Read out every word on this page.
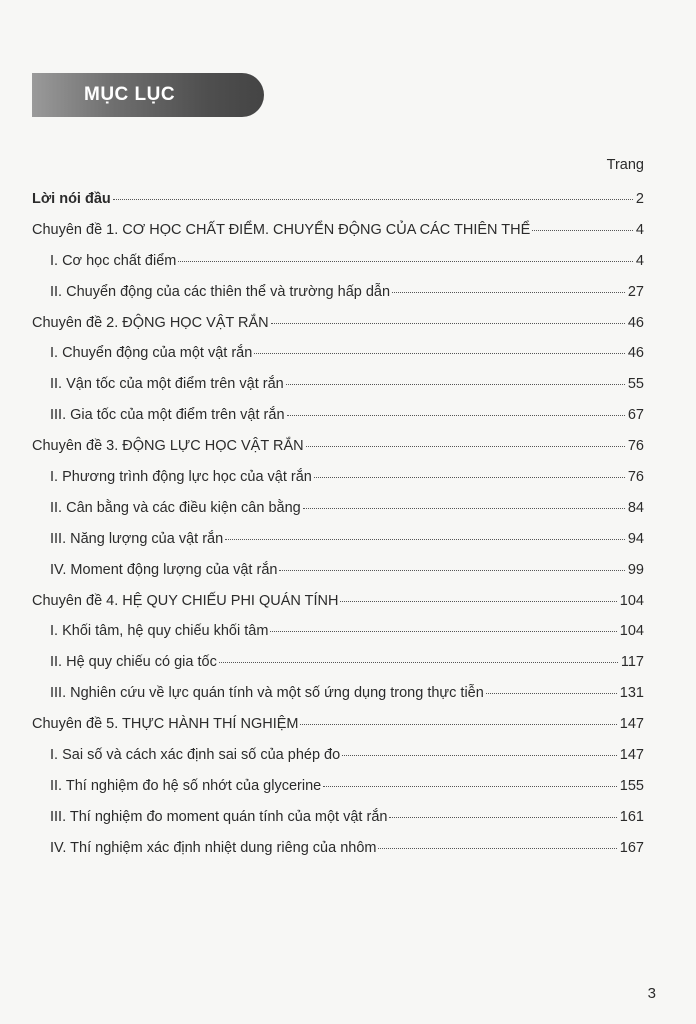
MỤC LỤC
Trang
Lời nói đầu	2
Chuyên đề 1. CƠ HỌC CHẤT ĐIỂM. CHUYỂN ĐỘNG CỦA CÁC THIÊN THỂ	4
I. Cơ học chất điểm	4
II. Chuyển động của các thiên thể và trường hấp dẫn	27
Chuyên đề 2. ĐỘNG HỌC VẬT RẮN	46
I. Chuyển động của một vật rắn	46
II. Vận tốc của một điểm trên vật rắn	55
III. Gia tốc của một điểm trên vật rắn	67
Chuyên đề 3. ĐỘNG LỰC HỌC VẬT RẮN	76
I. Phương trình động lực học của vật rắn	76
II. Cân bằng và các điều kiện cân bằng	84
III. Năng lượng của vật rắn	94
IV. Moment động lượng của vật rắn	99
Chuyên đề 4. HỆ QUY CHIẾU PHI QUÁN TÍNH	104
I. Khối tâm, hệ quy chiếu khối tâm	104
II. Hệ quy chiếu có gia tốc	117
III. Nghiên cứu về lực quán tính và một số ứng dụng trong thực tiễn	131
Chuyên đề 5. THỰC HÀNH THÍ NGHIỆM	147
I. Sai số và cách xác định sai số của phép đo	147
II. Thí nghiệm đo hệ số nhớt của glycerine	155
III. Thí nghiệm đo moment quán tính của một vật rắn	161
IV. Thí nghiệm xác định nhiệt dung riêng của nhôm	167
3
